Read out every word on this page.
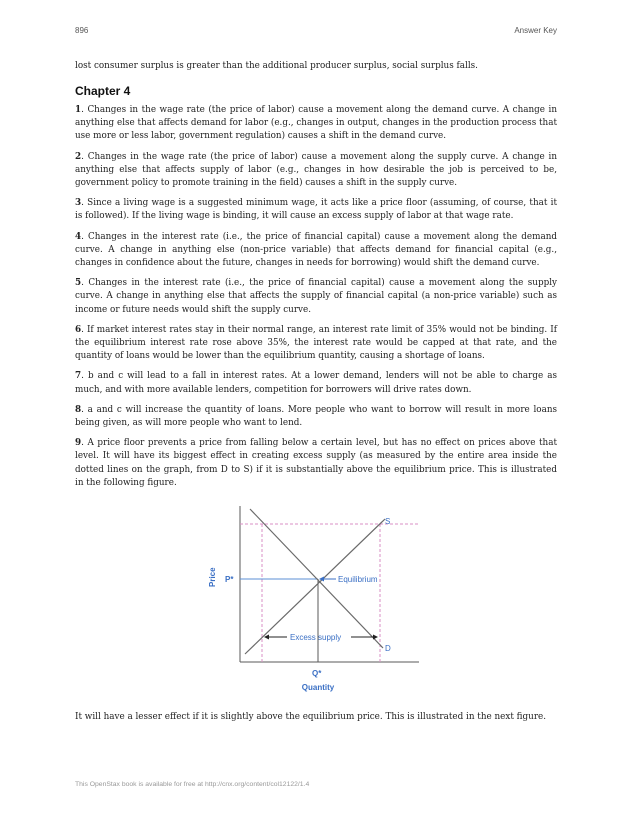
896	Answer Key

lost consumer surplus is greater than the additional producer surplus, social surplus falls.

Chapter 4

1. Changes in the wage rate (the price of labor) cause a movement along the demand curve. A change in anything else that affects demand for labor (e.g., changes in output, changes in the production process that use more or less labor, government regulation) causes a shift in the demand curve.

2. Changes in the wage rate (the price of labor) cause a movement along the supply curve. A change in anything else that affects supply of labor (e.g., changes in how desirable the job is perceived to be, government policy to promote training in the field) causes a shift in the supply curve.

3. Since a living wage is a suggested minimum wage, it acts like a price floor (assuming, of course, that it is followed). If the living wage is binding, it will cause an excess supply of labor at that wage rate.

4. Changes in the interest rate (i.e., the price of financial capital) cause a movement along the demand curve. A change in anything else (non-price variable) that affects demand for financial capital (e.g., changes in confidence about the future, changes in needs for borrowing) would shift the demand curve.

5. Changes in the interest rate (i.e., the price of financial capital) cause a movement along the supply curve. A change in anything else that affects the supply of financial capital (a non-price variable) such as income or future needs would shift the supply curve.

6. If market interest rates stay in their normal range, an interest rate limit of 35% would not be binding. If the equilibrium interest rate rose above 35%, the interest rate would be capped at that rate, and the quantity of loans would be lower than the equilibrium quantity, causing a shortage of loans.

7. b and c will lead to a fall in interest rates. At a lower demand, lenders will not be able to charge as much, and with more available lenders, competition for borrowers will drive rates down.

8. a and c will increase the quantity of loans. More people who want to borrow will result in more loans being given, as will more people who want to lend.

9. A price floor prevents a price from falling below a certain level, but has no effect on prices above that level. It will have its biggest effect in creating excess supply (as measured by the entire area inside the dotted lines on the graph, from D to S) if it is substantially above the equilibrium price. This is illustrated in the following figure.

Price
Quantity
P*
Q*
S
D
Equilibrium
Excess supply

It will have a lesser effect if it is slightly above the equilibrium price. This is illustrated in the next figure.

This OpenStax book is available for free at http://cnx.org/content/col12122/1.4
